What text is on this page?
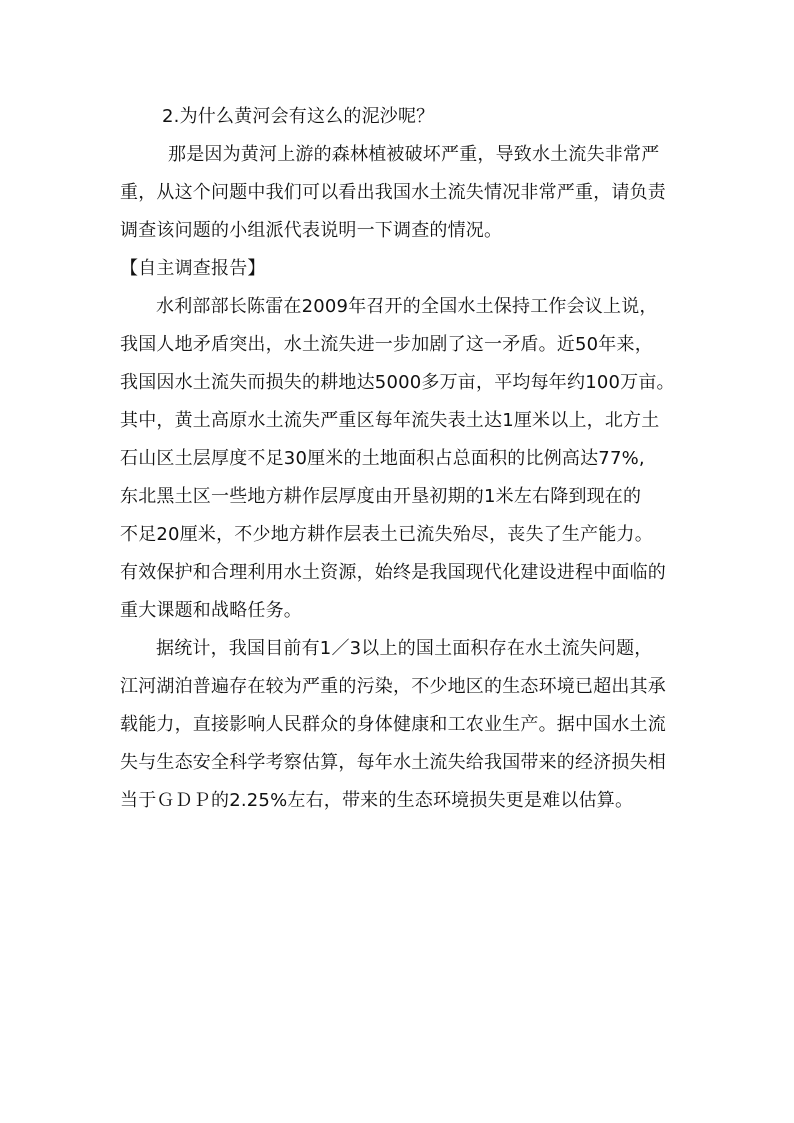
2.为什么黄河会有这么的泥沙呢？
那是因为黄河上游的森林植被破坏严重，导致水土流失非常严
重，从这个问题中我们可以看出我国水土流失情况非常严重，请负责
调查该问题的小组派代表说明一下调查的情况。
【自主调查报告】
水利部部长陈雷在2009年召开的全国水土保持工作会议上说，
我国人地矛盾突出，水土流失进一步加剧了这一矛盾。近50年来，
我国因水土流失而损失的耕地达5000多万亩，平均每年约100万亩。
其中，黄土高原水土流失严重区每年流失表土达1厘米以上，北方土
石山区土层厚度不足30厘米的土地面积占总面积的比例高达77%,
东北黑土区一些地方耕作层厚度由开垦初期的1米左右降到现在的
不足20厘米，不少地方耕作层表土已流失殆尽，丧失了生产能力。
有效保护和合理利用水土资源，始终是我国现代化建设进程中面临的
重大课题和战略任务。
据统计，我国目前有1／3以上的国土面积存在水土流失问题，
江河湖泊普遍存在较为严重的污染，不少地区的生态环境已超出其承
载能力，直接影响人民群众的身体健康和工农业生产。据中国水土流
失与生态安全科学考察估算，每年水土流失给我国带来的经济损失相
当于ＧＤＰ的2.25%左右，带来的生态环境损失更是难以估算。
